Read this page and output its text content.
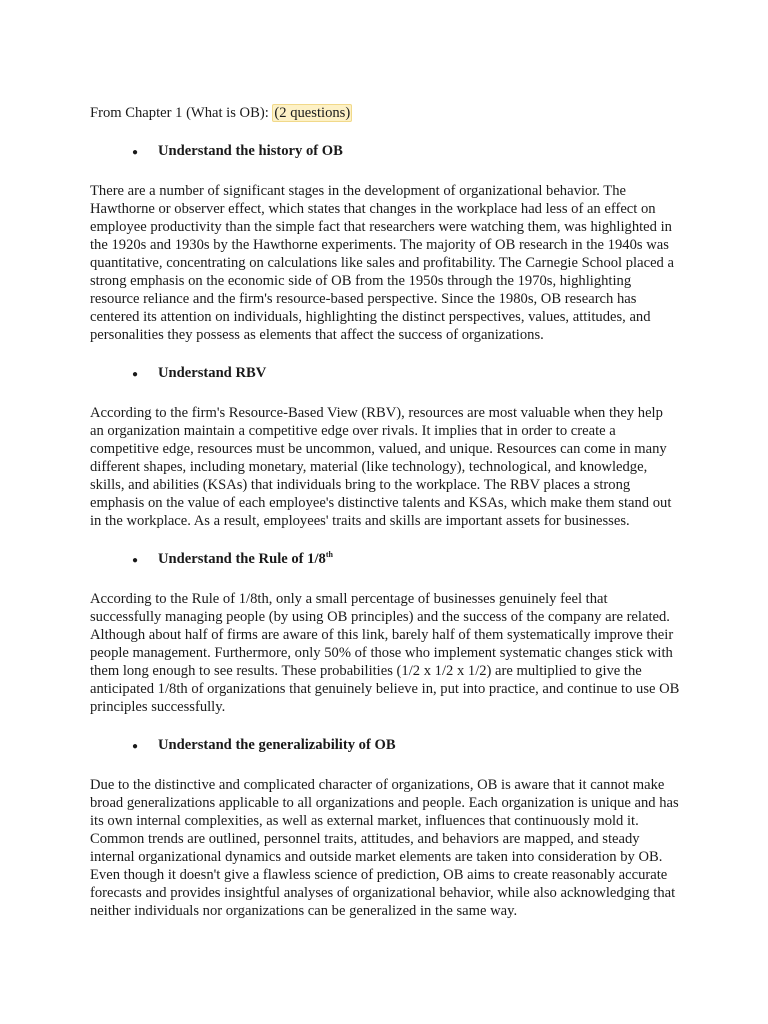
From Chapter 1 (What is OB): (2 questions)

●	Understand the history of OB

There are a number of significant stages in the development of organizational behavior. The Hawthorne or observer effect, which states that changes in the workplace had less of an effect on employee productivity than the simple fact that researchers were watching them, was highlighted in the 1920s and 1930s by the Hawthorne experiments. The majority of OB research in the 1940s was quantitative, concentrating on calculations like sales and profitability. The Carnegie School placed a strong emphasis on the economic side of OB from the 1950s through the 1970s, highlighting resource reliance and the firm's resource-based perspective. Since the 1980s, OB research has centered its attention on individuals, highlighting the distinct perspectives, values, attitudes, and personalities they possess as elements that affect the success of organizations.

●	Understand RBV

According to the firm's Resource-Based View (RBV), resources are most valuable when they help an organization maintain a competitive edge over rivals. It implies that in order to create a competitive edge, resources must be uncommon, valued, and unique. Resources can come in many different shapes, including monetary, material (like technology), technological, and knowledge, skills, and abilities (KSAs) that individuals bring to the workplace. The RBV places a strong emphasis on the value of each employee's distinctive talents and KSAs, which make them stand out in the workplace. As a result, employees' traits and skills are important assets for businesses.

●	Understand the Rule of 1/8th

According to the Rule of 1/8th, only a small percentage of businesses genuinely feel that successfully managing people (by using OB principles) and the success of the company are related. Although about half of firms are aware of this link, barely half of them systematically improve their people management. Furthermore, only 50% of those who implement systematic changes stick with them long enough to see results. These probabilities (1/2 x 1/2 x 1/2) are multiplied to give the anticipated 1/8th of organizations that genuinely believe in, put into practice, and continue to use OB principles successfully.

●	Understand the generalizability of OB

Due to the distinctive and complicated character of organizations, OB is aware that it cannot make broad generalizations applicable to all organizations and people. Each organization is unique and has its own internal complexities, as well as external market, influences that continuously mold it. Common trends are outlined, personnel traits, attitudes, and behaviors are mapped, and steady internal organizational dynamics and outside market elements are taken into consideration by OB. Even though it doesn't give a flawless science of prediction, OB aims to create reasonably accurate forecasts and provides insightful analyses of organizational behavior, while also acknowledging that neither individuals nor organizations can be generalized in the same way.
